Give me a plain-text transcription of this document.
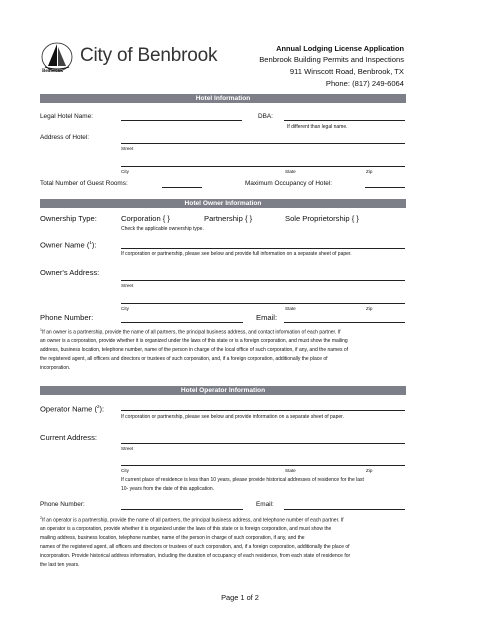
Benbrook
City of Benbrook	Annual Lodging License Application
Benbrook Building Permits and Inspections
911 Winscott Road, Benbrook, TX
Phone: (817) 249-6064
Hotel Information
Legal Hotel Name:	DBA:
If different than legal name.
Address of Hotel:
Street
City	State	Zip
Total Number of Guest Rooms:	Maximum Occupancy of Hotel:
Hotel Owner Information
Ownership Type:	Corporation { }	Partnership { }	Sole Proprietorship { }
Check the applicable ownership type.
Owner Name ($^1$):
If corporation or partnership, please see below and provide full information on a separate sheet of paper.
Owner's Address:
Street
City	State	Zip
Phone Number:	Email:
$^1$If an owner is a partnership, provide the name of all partners, the principal business address, and contact information of each partner. If
an owner is a corporation, provide whether it is organized under the laws of this state or is a foreign corporation, and must show the mailing
address, business location, telephone number, name of the person in charge of the local office of such corporation, if any, and the names of
the registered agent, all officers and directors or trustees of such corporation, and, if a foreign corporation, additionally the place of
incorporation.
Hotel Operator Information
Operator Name ($^2$):
If corporation or partnership, please see below and provide information on a separate sheet of paper.
Current Address:
Street
City	State	Zip
If current place of residence is less than 10 years, please provide historical addresses of residence for the last
10- years from the date of this application.
Phone Number:	Email:
$^2$If an operator is a partnership, provide the name of all partners, the principal business address, and telephone number of each partner. If
an operator is a corporation, provide whether it is organized under the laws of this state or is foreign corporation, and must show the
mailing address, business location, telephone number, name of the person in charge of such corporation, if any, and the
names of the registered agent, all officers and directors or trustees of such corporation, and, if a foreign corporation, additionally the place of
incorporation. Provide historical address information, including the duration of occupancy of each residence, from each state of residence for
the last ten years.
Page 1 of 2
